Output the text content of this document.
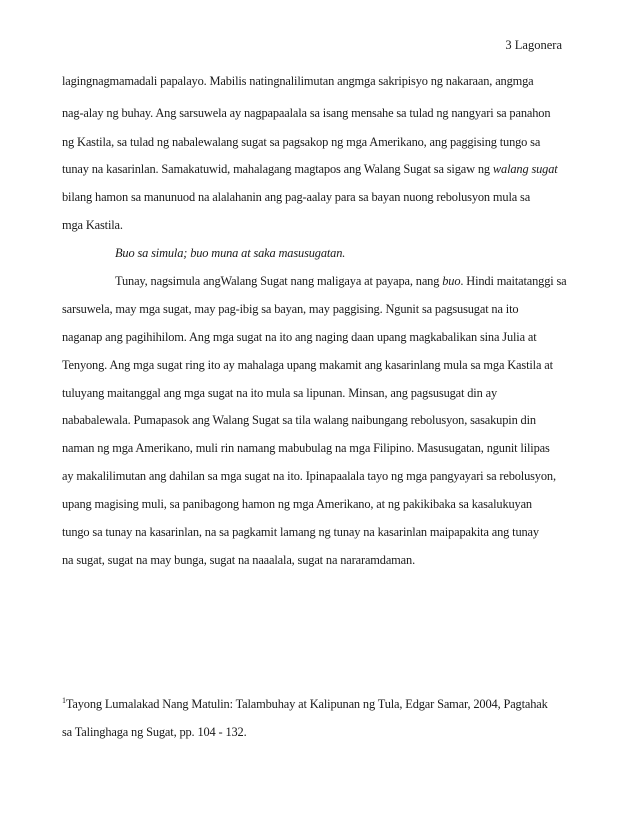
3 Lagonera
lagingnagmamadali papalayo. Mabilis natingnalilimutan angmga sakripisyo ng nakaraan, angmga
nag-alay ng buhay. Ang sarsuwela ay nagpapaalala sa isang mensahe sa tulad ng nangyari sa panahon
ng Kastila, sa tulad ng nabalewalang sugat sa pagsakop ng mga Amerikano, ang paggising tungo sa
tunay na kasarinlan. Samakatuwid, mahalagang magtapos ang Walang Sugat sa sigaw ng walang sugat
bilang hamon sa manunuod na alalahanin ang pag-aalay para sa bayan nuong rebolusyon mula sa
mga Kastila.
Buo sa simula; buo muna at saka masusugatan.
Tunay, nagsimula angWalang Sugat nang maligaya at payapa, nang buo. Hindi maitatanggi sa
sarsuwela, may mga sugat, may pag-ibig sa bayan, may paggising. Ngunit sa pagsusugat na ito
naganap ang pagihihilom. Ang mga sugat na ito ang naging daan upang magkabalikan sina Julia at
Tenyong. Ang mga sugat ring ito ay mahalaga upang makamit ang kasarinlang mula sa mga Kastila at
tuluyang maitanggal ang mga sugat na ito mula sa lipunan. Minsan, ang pagsusugat din ay
nababalewala. Pumapasok ang Walang Sugat sa tila walang naibungang rebolusyon, sasakupin din
naman ng mga Amerikano, muli rin namang mabubulag na mga Filipino. Masusugatan, ngunit lilipas
ay makalilimutan ang dahilan sa mga sugat na ito. Ipinapaalala tayo ng mga pangyayari sa rebolusyon,
upang magising muli, sa panibagong hamon ng mga Amerikano, at ng pakikibaka sa kasalukuyan
tungo sa tunay na kasarinlan, na sa pagkamit lamang ng tunay na kasarinlan maipapakita ang tunay
na sugat, sugat na may bunga, sugat na naaalala, sugat na nararamdaman.
$^1$Tayong Lumalakad Nang Matulin: Talambuhay at Kalipunan ng Tula, Edgar Samar, 2004, Pagtahak
sa Talinghaga ng Sugat, pp. 104 - 132.
